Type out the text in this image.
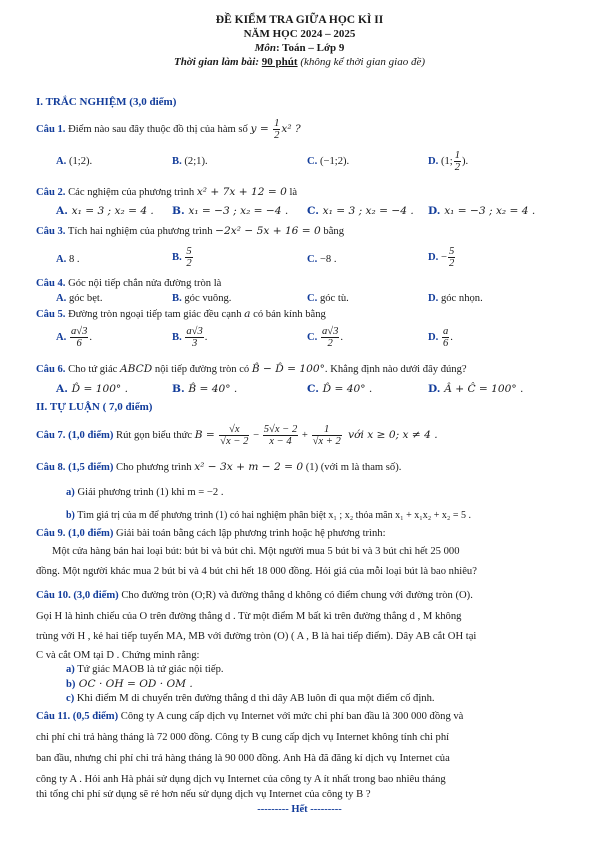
ĐỀ KIỂM TRA GIỮA HỌC KÌ II
NĂM HỌC 2024 – 2025
Môn: Toán – Lớp 9
Thời gian làm bài: 90 phút (không kể thời gian giao đề)
I. TRẮC NGHIỆM (3,0 điểm)
Câu 1. Điểm nào sau đây thuộc đồ thị của hàm số $y = \frac{1}{2} x^2$ ?
A. (1;2).	B. (2;1).	C. (−1;2).	D. (1; $\frac{1}{2}$ ).
Câu 2. Các nghiệm của phương trình x² + 7x + 12 = 0 là
A. x₁ = 3 ; x₂ = 4 . B. x₁ = −3 ; x₂ = −4 . C. x₁ = 3 ; x₂ = −4 . D. x₁ = −3 ; x₂ = 4 .
Câu 3. Tích hai nghiệm của phương trình −2x² − 5x + 16 = 0 bằng
A. 8 .	B. $\frac{5}{2}$	C. −8 .	D. − $\frac{5}{2}$
Câu 4. Góc nội tiếp chắn nửa đường tròn là
A. góc bẹt.	B. góc vuông.	C. góc tù.	D. góc nhọn.
Câu 5. Đường tròn ngoại tiếp tam giác đều cạnh a có bán kính bằng
A. $\frac{a√3}{6}$ .	B. $\frac{a√3}{3}$ .	C. $\frac{a√3}{2}$ .	D. $\frac{a}{6}$ .
Câu 6. Cho tứ giác ABCD nội tiếp đường tròn có B̂ − D̂ = 100°. Khẳng định nào dưới đây đúng?
A. D̂ = 100° .	B. B̂ = 40° .	C. D̂ = 40° .	D. Â + Ĉ = 100° .
II. TỰ LUẬN ( 7,0 điểm)
Câu 7. (1,0 điểm) Rút gọn biểu thức $B = \frac{√x}{√x - 2} - \frac{5√x - 2}{x - 4} + \frac{1}{√x + 2}$ với x ≥ 0; x ≠ 4 .
Câu 8. (1,5 điểm) Cho phương trình x² − 3x + m − 2 = 0 (1) (với m là tham số).
a) Giải phương trình (1) khi m = −2 .
b) Tìm giá trị của m để phương trình (1) có hai nghiệm phân biệt x₁ ; x₂ thỏa mãn x₁ + x₁x₂ + x₂ = 5 .
Câu 9. (1,0 điểm) Giải bài toán bằng cách lập phương trình hoặc hệ phương trình:
Một cửa hàng bán hai loại bút: bút bi và bút chì. Một người mua 5 bút bi và 3 bút chì hết 25 000
đồng. Một người khác mua 2 bút bi và 4 bút chì hết 18 000 đồng. Hỏi giá của mỗi loại bút là bao nhiêu?
Câu 10. (3,0 điểm) Cho đường tròn (O;R) và đường thẳng d không có điểm chung với đường tròn (O).
Gọi H là hình chiếu của O trên đường thẳng d . Từ một điểm M bất kì trên đường thẳng d , M không
trùng với H , kẻ hai tiếp tuyến MA, MB với đường tròn (O) ( A , B là hai tiếp điểm). Dây AB cắt OH tại
C và cắt OM tại D . Chứng minh rằng:
a) Tứ giác MAOB là tứ giác nội tiếp.
b) OC · OH = OD · OM .
c) Khi điểm M di chuyển trên đường thẳng d thì dây AB luôn đi qua một điểm cố định.
Câu 11. (0,5 điểm) Công ty A cung cấp dịch vụ Internet với mức chi phí ban đầu là 300 000 đồng và
chi phí chi trả hàng tháng là 72 000 đồng. Công ty B cung cấp dịch vụ Internet không tính chi phí
ban đầu, nhưng chi phí chi trả hàng tháng là 90 000 đồng. Anh Hà đã đăng kí dịch vụ Internet của
công ty A . Hỏi anh Hà phải sử dụng dịch vụ Internet của công ty A ít nhất trong bao nhiêu tháng
thì tổng chi phí sử dụng sẽ rẻ hơn nếu sử dụng dịch vụ Internet của công ty B ?
--------- Hết ---------
